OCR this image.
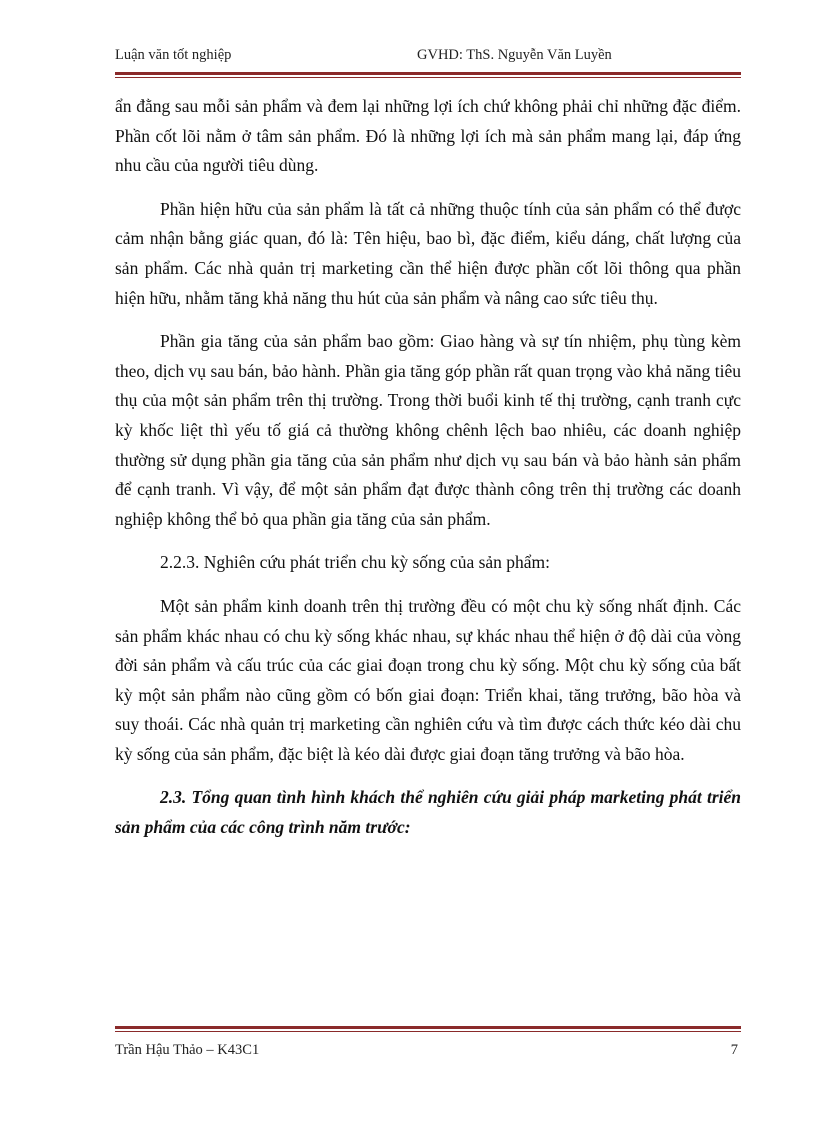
Luận văn tốt nghiệp	GVHD: ThS. Nguyễn Văn Luyền

ẩn đằng sau mỗi sản phẩm và đem lại những lợi ích chứ không phải chỉ những đặc điểm. Phần cốt lõi nằm ở tâm sản phẩm. Đó là những lợi ích mà sản phẩm mang lại, đáp ứng nhu cầu của người tiêu dùng.

Phần hiện hữu của sản phẩm là tất cả những thuộc tính của sản phẩm có thể được cảm nhận bằng giác quan, đó là: Tên hiệu, bao bì, đặc điểm, kiểu dáng, chất lượng của sản phẩm. Các nhà quản trị marketing cần thể hiện được phần cốt lõi thông qua phần hiện hữu, nhằm tăng khả năng thu hút của sản phẩm và nâng cao sức tiêu thụ.

Phần gia tăng của sản phẩm bao gồm: Giao hàng và sự tín nhiệm, phụ tùng kèm theo, dịch vụ sau bán, bảo hành. Phần gia tăng góp phần rất quan trọng vào khả năng tiêu thụ của một sản phẩm trên thị trường. Trong thời buổi kinh tế thị trường, cạnh tranh cực kỳ khốc liệt thì yếu tố giá cả thường không chênh lệch bao nhiêu, các doanh nghiệp thường sử dụng phần gia tăng của sản phẩm như dịch vụ sau bán và bảo hành sản phẩm để cạnh tranh. Vì vậy, để một sản phẩm đạt được thành công trên thị trường các doanh nghiệp không thể bỏ qua phần gia tăng của sản phẩm.

2.2.3. Nghiên cứu phát triển chu kỳ sống của sản phẩm:

Một sản phẩm kinh doanh trên thị trường đều có một chu kỳ sống nhất định. Các sản phẩm khác nhau có chu kỳ sống khác nhau, sự khác nhau thể hiện ở độ dài của vòng đời sản phẩm và cấu trúc của các giai đoạn trong chu kỳ sống. Một chu kỳ sống của bất kỳ một sản phẩm nào cũng gồm có bốn giai đoạn: Triển khai, tăng trưởng, bão hòa và suy thoái. Các nhà quản trị marketing cần nghiên cứu và tìm được cách thức kéo dài chu kỳ sống của sản phẩm, đặc biệt là kéo dài được giai đoạn tăng trưởng và bão hòa.

2.3. Tổng quan tình hình khách thể nghiên cứu giải pháp marketing phát triển sản phẩm của các công trình năm trước:

Trần Hậu Thảo – K43C1	7
